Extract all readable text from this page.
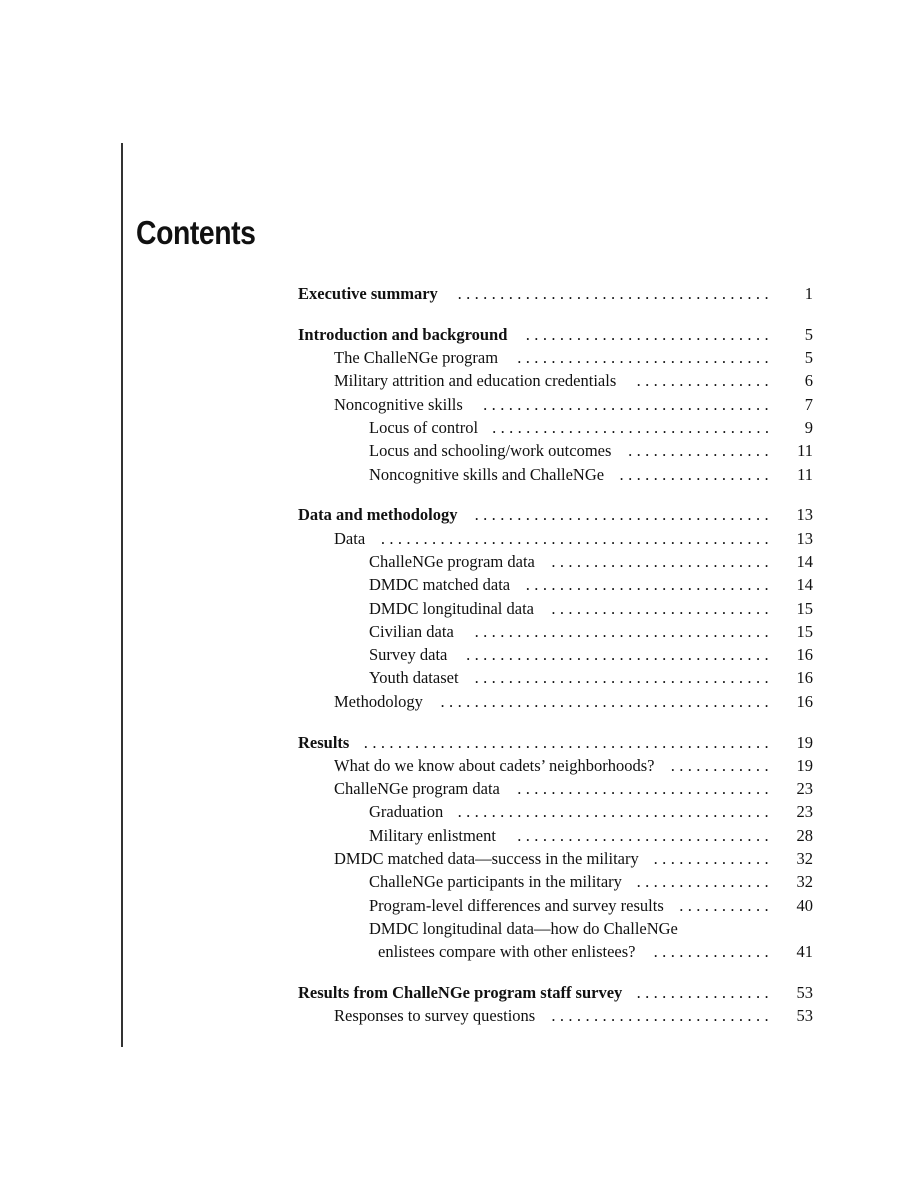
Contents
Executive summary	.....................................	1
Introduction and background .............................	5
The ChalleNGe program	..............................	5
Military attrition and education credentials	................	6
Noncognitive skills	..................................	7
Locus of control .................................	9
Locus and schooling/work outcomes .................	11
Noncognitive skills and ChalleNGe ..................	11
Data and methodology ...................................	13
Data ..............................................	13
ChalleNGe program data ..........................	14
DMDC matched data .............................	14
DMDC longitudinal data ..........................	15
Civilian data	...................................	15
Survey data ....................................	16
Youth dataset ...................................	16
Methodology .......................................	16
Results ................................................	19
What do we know about cadets’ neighborhoods? ............	19
ChalleNGe program data ..............................	23
Graduation .....................................	23
Military enlistment	..............................	28
DMDC matched data—success in the military ..............	32
ChalleNGe participants in the military ................	32
Program-level differences and survey results ...........	40
DMDC longitudinal data—how do ChalleNGe
enlistees compare with other enlistees? ..............	41
Results from ChalleNGe program staff survey ................	53
Responses to survey questions ..........................	53
